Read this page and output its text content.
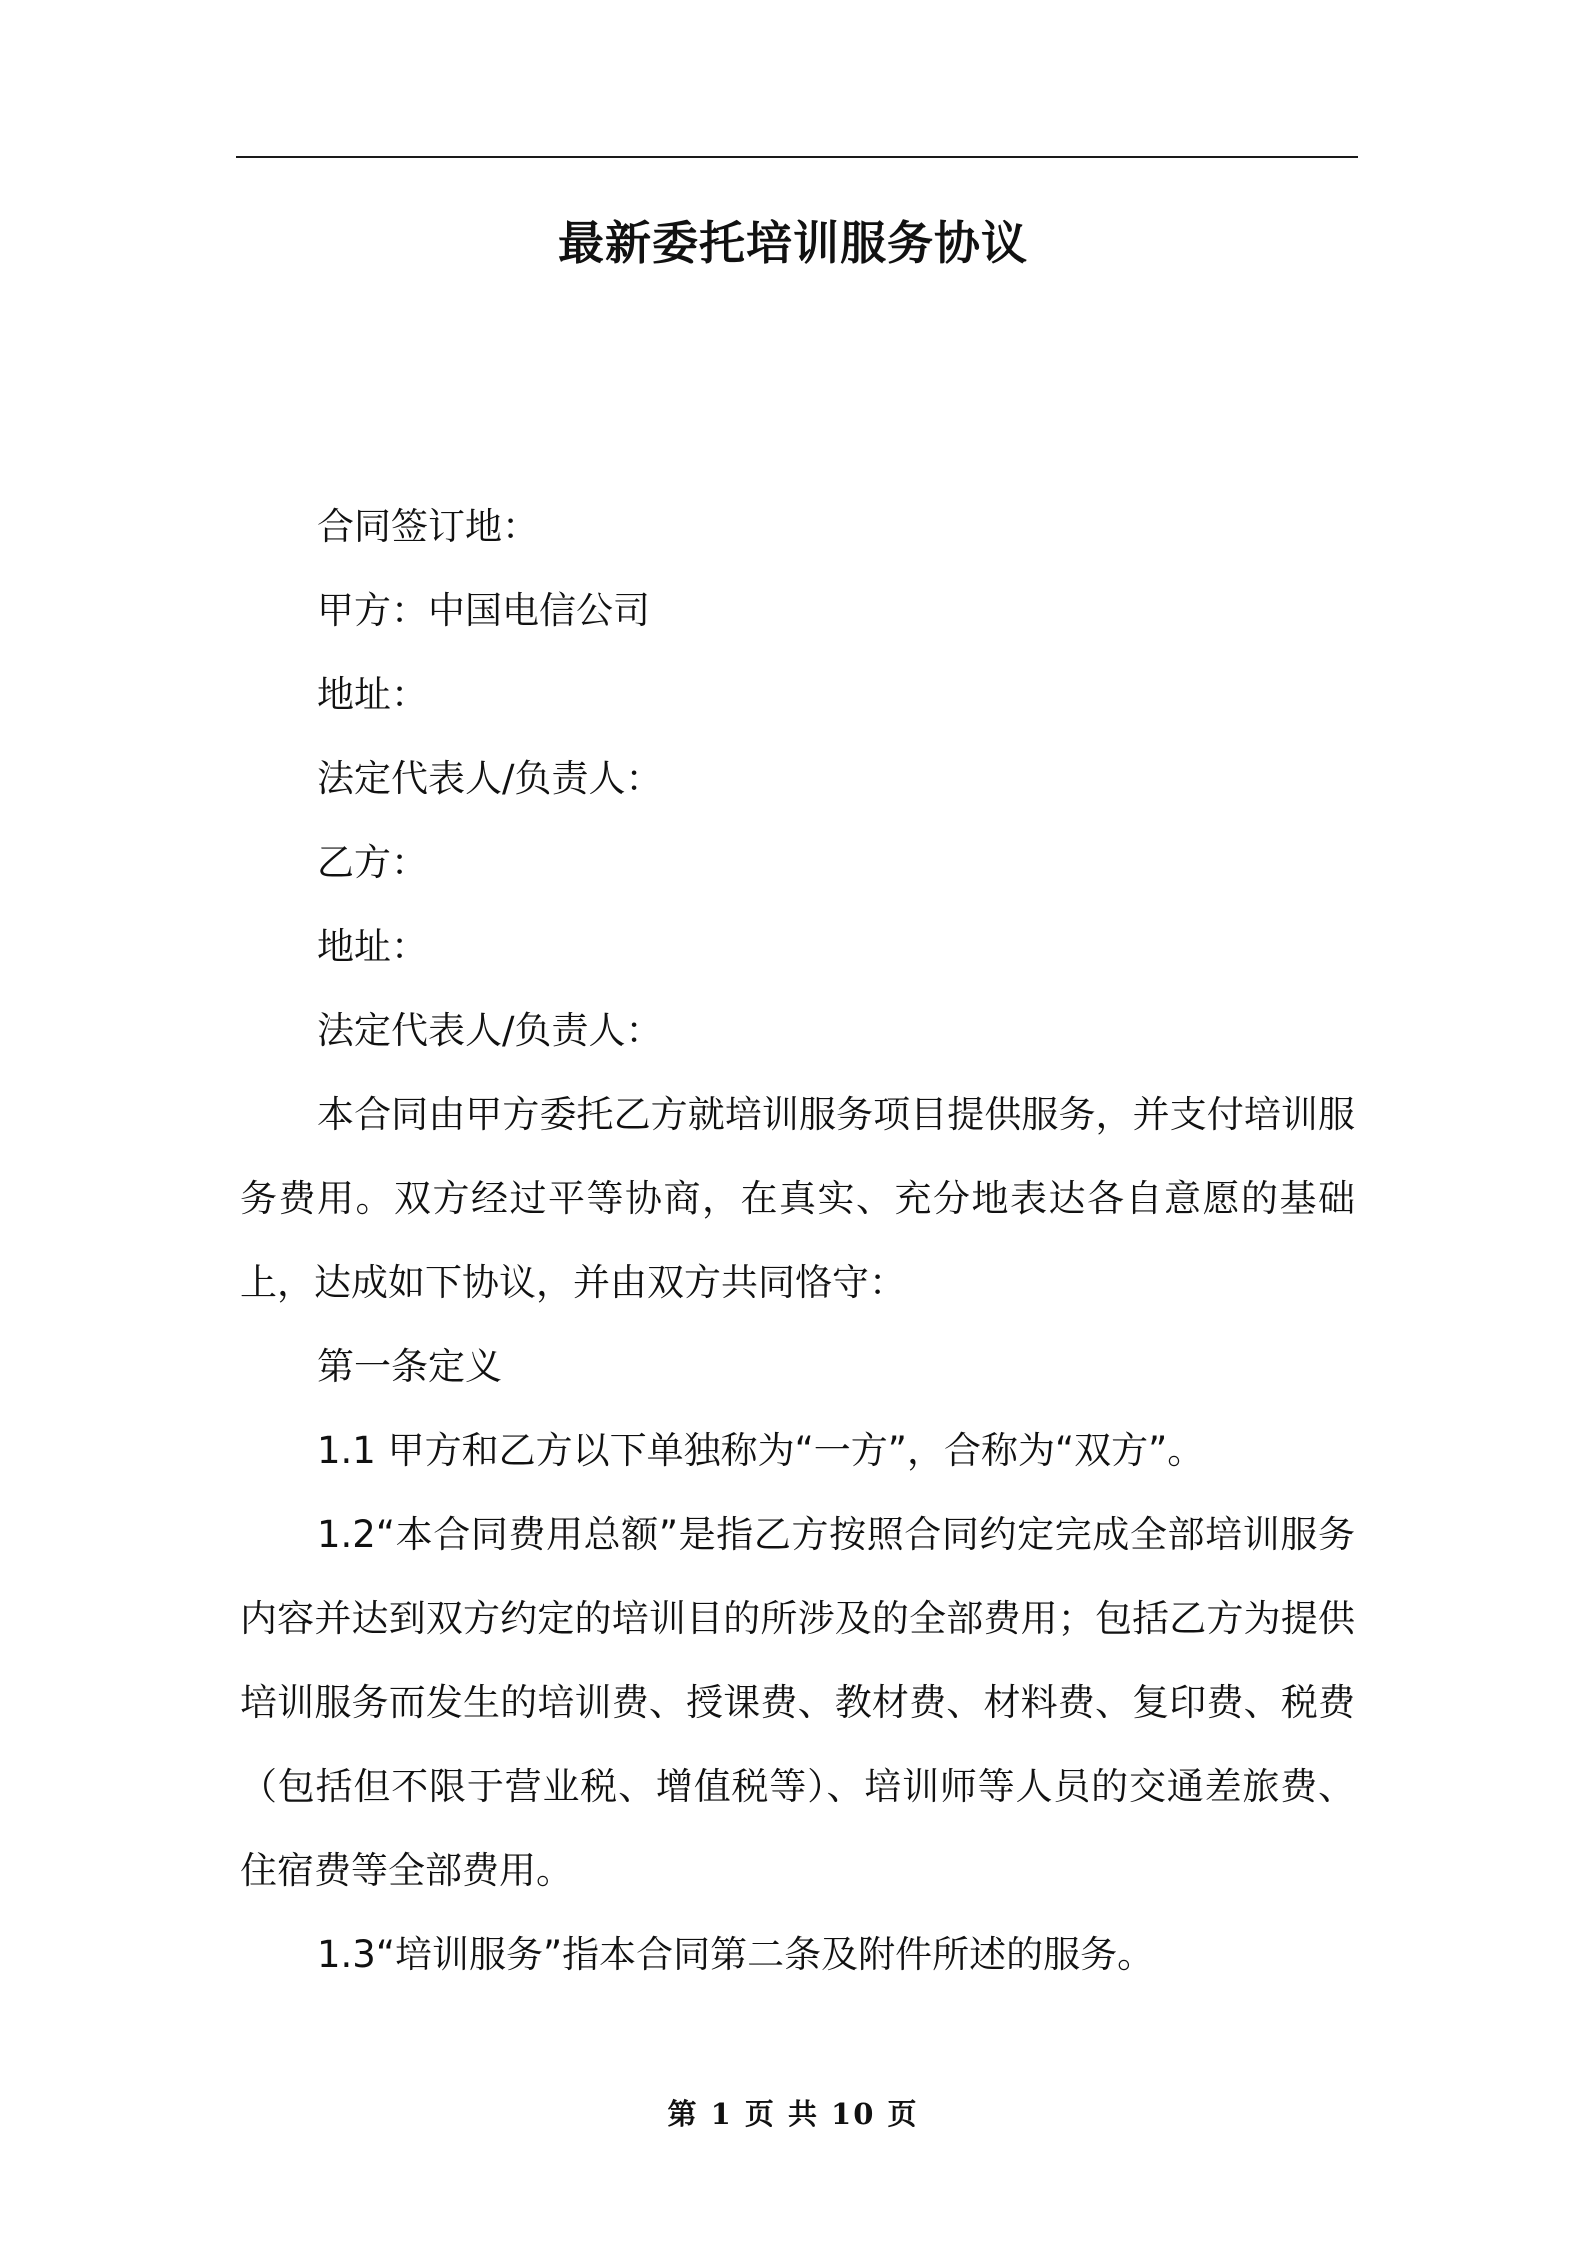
最新委托培训服务协议

合同签订地：

甲方：中国电信公司

地址：

法定代表人/负责人：

乙方：

地址：

法定代表人/负责人：

本合同由甲方委托乙方就培训服务项目提供服务，并支付培训服务费用。双方经过平等协商，在真实、充分地表达各自意愿的基础上，达成如下协议，并由双方共同恪守：

第一条定义

1.1 甲方和乙方以下单独称为“一方”，合称为“双方”。

1.2“本合同费用总额”是指乙方按照合同约定完成全部培训服务内容并达到双方约定的培训目的所涉及的全部费用；包括乙方为提供培训服务而发生的培训费、授课费、教材费、材料费、复印费、税费（包括但不限于营业税、增值税等）、培训师等人员的交通差旅费、住宿费等全部费用。

1.3“培训服务”指本合同第二条及附件所述的服务。

第 1 页 共 10 页
